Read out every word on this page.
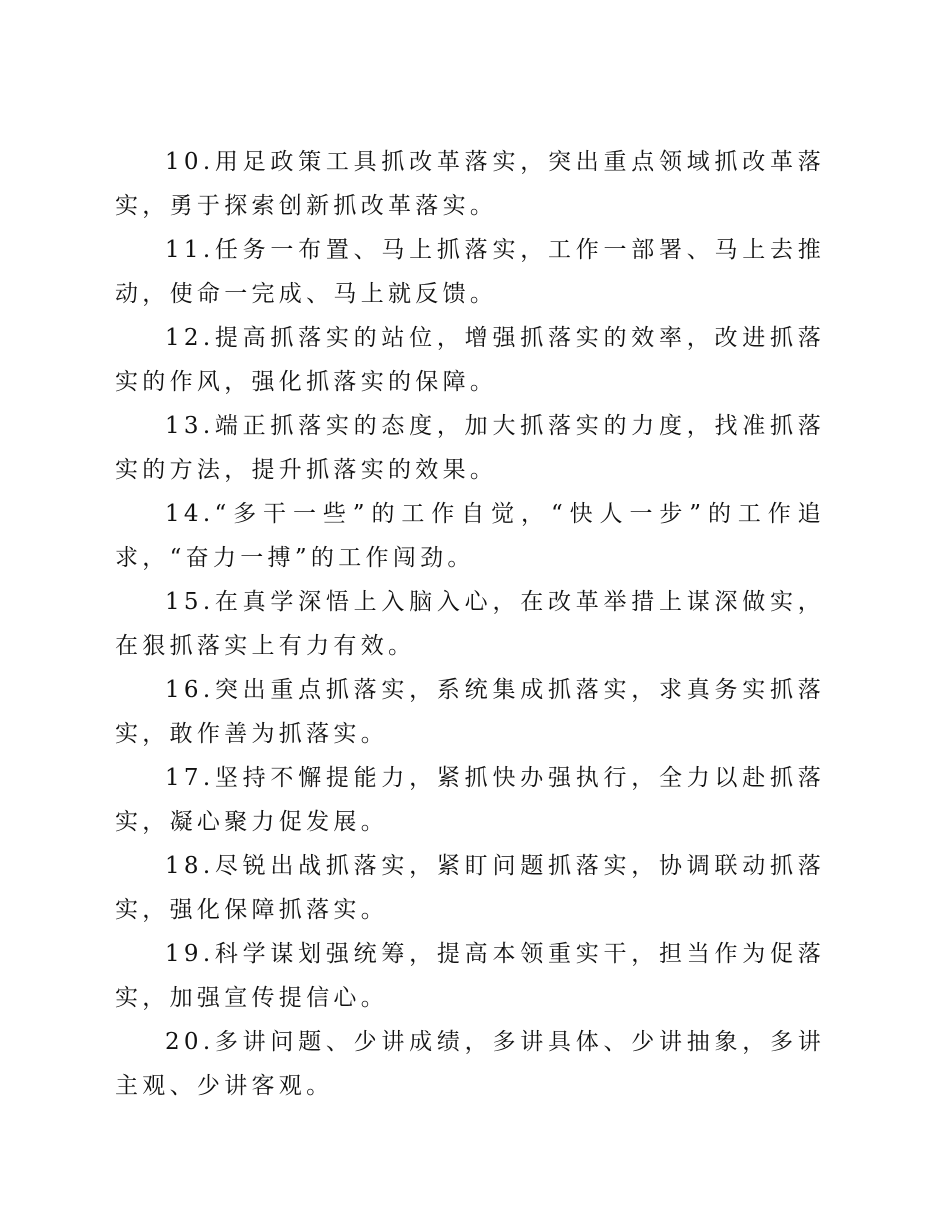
10.用足政策工具抓改革落实，突出重点领域抓改革落实，勇于探索创新抓改革落实。

11.任务一布置、马上抓落实，工作一部署、马上去推动，使命一完成、马上就反馈。

12.提高抓落实的站位，增强抓落实的效率，改进抓落实的作风，强化抓落实的保障。

13.端正抓落实的态度，加大抓落实的力度，找准抓落实的方法，提升抓落实的效果。

14.“多干一些”的工作自觉，“快人一步”的工作追求，“奋力一搏”的工作闯劲。

15.在真学深悟上入脑入心，在改革举措上谋深做实，在狠抓落实上有力有效。

16.突出重点抓落实，系统集成抓落实，求真务实抓落实，敢作善为抓落实。

17.坚持不懈提能力，紧抓快办强执行，全力以赴抓落实，凝心聚力促发展。

18.尽锐出战抓落实，紧盯问题抓落实，协调联动抓落实，强化保障抓落实。

19.科学谋划强统筹，提高本领重实干，担当作为促落实，加强宣传提信心。

20.多讲问题、少讲成绩，多讲具体、少讲抽象，多讲主观、少讲客观。
